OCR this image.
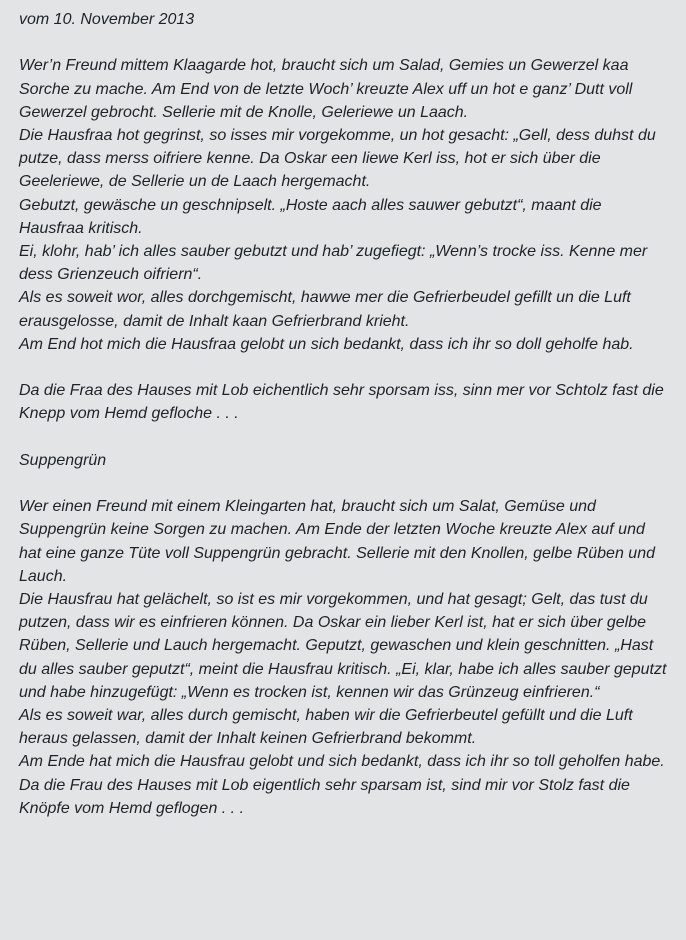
vom 10. November 2013

Wer’n Freund mittem Klaagarde hot, braucht sich um Salad, Gemies un Gewerzel kaa Sorche zu mache. Am End von de letzte Woch’ kreuzte Alex uff un hot e ganz’ Dutt voll Gewerzel gebrocht. Sellerie mit de Knolle, Geleriewe un Laach.

Die Hausfraa hot gegrinst, so isses mir vorgekomme, un hot gesacht: „Gell, dess duhst du putze, dass merss oifriere kenne. Da Oskar een liewe Kerl iss, hot er sich über die Geeleriewe, de Sellerie un de Laach hergemacht.

Gebutzt, gewäsche un geschnipselt. „Hoste aach alles sauwer gebutzt“, maant die Hausfraa kritisch.

Ei, klohr, hab’ ich alles sauber gebutzt und hab’ zugefiegt: „Wenn’s trocke iss. Kenne mer dess Grienzeuch oifriern“.

Als es soweit wor, alles dorchgemischt, hawwe mer die Gefrierbeudel gefillt un die Luft erausgelosse, damit de Inhalt kaan Gefrierbrand krieht.

Am End hot mich die Hausfraa gelobt un sich bedankt, dass ich ihr so doll geholfe hab.

Da die Fraa des Hauses mit Lob eichentlich sehr sporsam iss, sinn mer vor Schtolz fast die Knepp vom Hemd gefloche . . .

Suppengrün

Wer einen Freund mit einem Kleingarten hat, braucht sich um Salat, Gemüse und Suppengrün keine Sorgen zu machen. Am Ende der letzten Woche kreuzte Alex auf und hat eine ganze Tüte voll Suppengrün gebracht. Sellerie mit den Knollen, gelbe Rüben und Lauch.

Die Hausfrau hat gelächelt, so ist es mir vorgekommen, und hat gesagt; Gelt, das tust du putzen, dass wir es einfrieren können. Da Oskar ein lieber Kerl ist, hat er sich über gelbe Rüben, Sellerie und Lauch hergemacht. Geputzt, gewaschen und klein geschnitten. „Hast du alles sauber geputzt“, meint die Hausfrau kritisch. „Ei, klar, habe ich alles sauber geputzt und habe hinzugefügt: „Wenn es trocken ist, kennen wir das Grünzeug einfrieren.“

Als es soweit war, alles durch gemischt, haben wir die Gefrierbeutel gefüllt und die Luft heraus gelassen, damit der Inhalt keinen Gefrierbrand bekommt.

Am Ende hat mich die Hausfrau gelobt und sich bedankt, dass ich ihr so toll geholfen habe.

Da die Frau des Hauses mit Lob eigentlich sehr sparsam ist, sind mir vor Stolz fast die Knöpfe vom Hemd geflogen . . .
